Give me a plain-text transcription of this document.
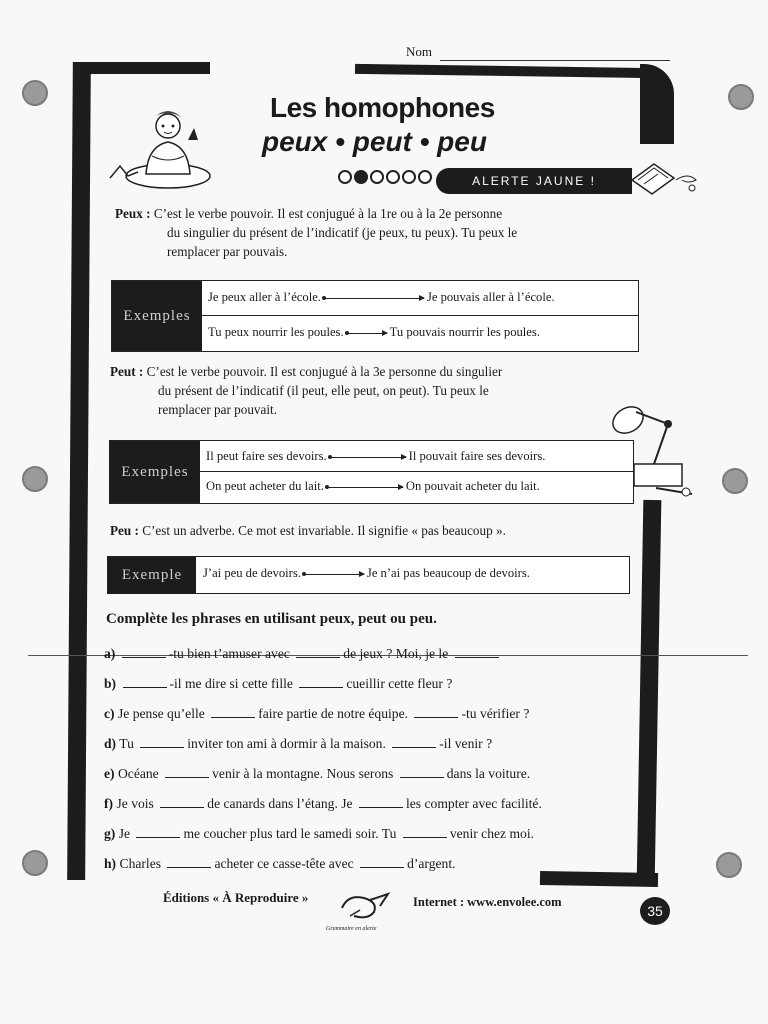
Nom
Les homophones
peux • peut • peu
ALERTE JAUNE !
Peux : C’est le verbe pouvoir. Il est conjugué à la 1re ou à la 2e personne
du singulier du présent de l’indicatif (je peux, tu peux). Tu peux le
remplacer par pouvais.
Exemples
Je peux aller à l’école.	Je pouvais aller à l’école.
Tu peux nourrir les poules.	Tu pouvais nourrir les poules.
Peut : C’est le verbe pouvoir. Il est conjugué à la 3e personne du singulier
du présent de l’indicatif (il peut, elle peut, on peut). Tu peux le
remplacer par pouvait.
Exemples
Il peut faire ses devoirs.	Il pouvait faire ses devoirs.
On peut acheter du lait.	On pouvait acheter du lait.
Peu : C’est un adverbe. Ce mot est invariable. Il signifie « pas beaucoup ».
Exemple	J’ai peu de devoirs.	Je n’ai pas beaucoup de devoirs.
Complète les phrases en utilisant peux, peut ou peu.
a)	-tu bien t’amuser avec	de jeux ? Moi, je le
b)	-il me dire si cette fille	cueillir cette fleur ?
c) Je pense qu’elle	faire partie de notre équipe.	-tu vérifier ?
d) Tu	inviter ton ami à dormir à la maison.	-il venir ?
e) Océane	venir à la montagne. Nous serons	dans la voiture.
f) Je vois	de canards dans l’étang. Je	les compter avec facilité.
g) Je	me coucher plus tard le samedi soir. Tu	venir chez moi.
h) Charles	acheter ce casse-tête avec	d’argent.
Éditions « À Reproduire »
Grammaire en alerte
Internet : www.envolee.com
35
